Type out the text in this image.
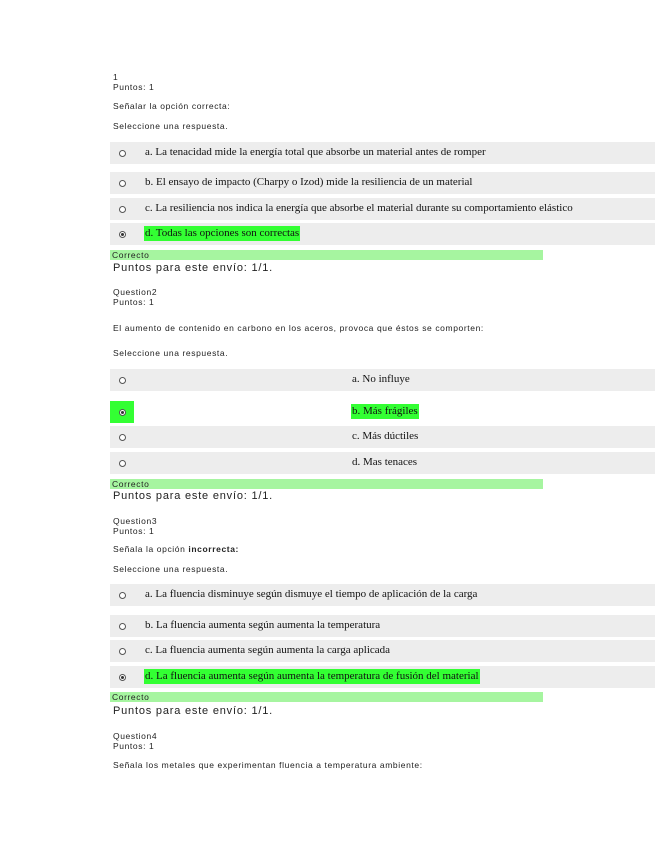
1
Puntos: 1
Señalar la opción correcta:
Seleccione una respuesta.
a. La tenacidad mide la energía total que absorbe un material antes de romper
b. El ensayo de impacto (Charpy o Izod) mide la resiliencia de un material
c. La resiliencia nos indica la energía que absorbe el material durante su comportamiento elástico
d. Todas las opciones son correctas
Correcto
Puntos para este envío: 1/1.
Question2
Puntos: 1
El aumento de contenido en carbono en los aceros, provoca que éstos se comporten:
Seleccione una respuesta.
a. No influye
b. Más frágiles
c. Más dúctiles
d. Mas tenaces
Correcto
Puntos para este envío: 1/1.
Question3
Puntos: 1
Señala la opción incorrecta:
Seleccione una respuesta.
a. La fluencia disminuye según dismuye el tiempo de aplicación de la carga
b. La fluencia aumenta según aumenta la temperatura
c. La fluencia aumenta según aumenta la carga aplicada
d. La fluencia aumenta según aumenta la temperatura de fusión del material
Correcto
Puntos para este envío: 1/1.
Question4
Puntos: 1
Señala los metales que experimentan fluencia a temperatura ambiente:
